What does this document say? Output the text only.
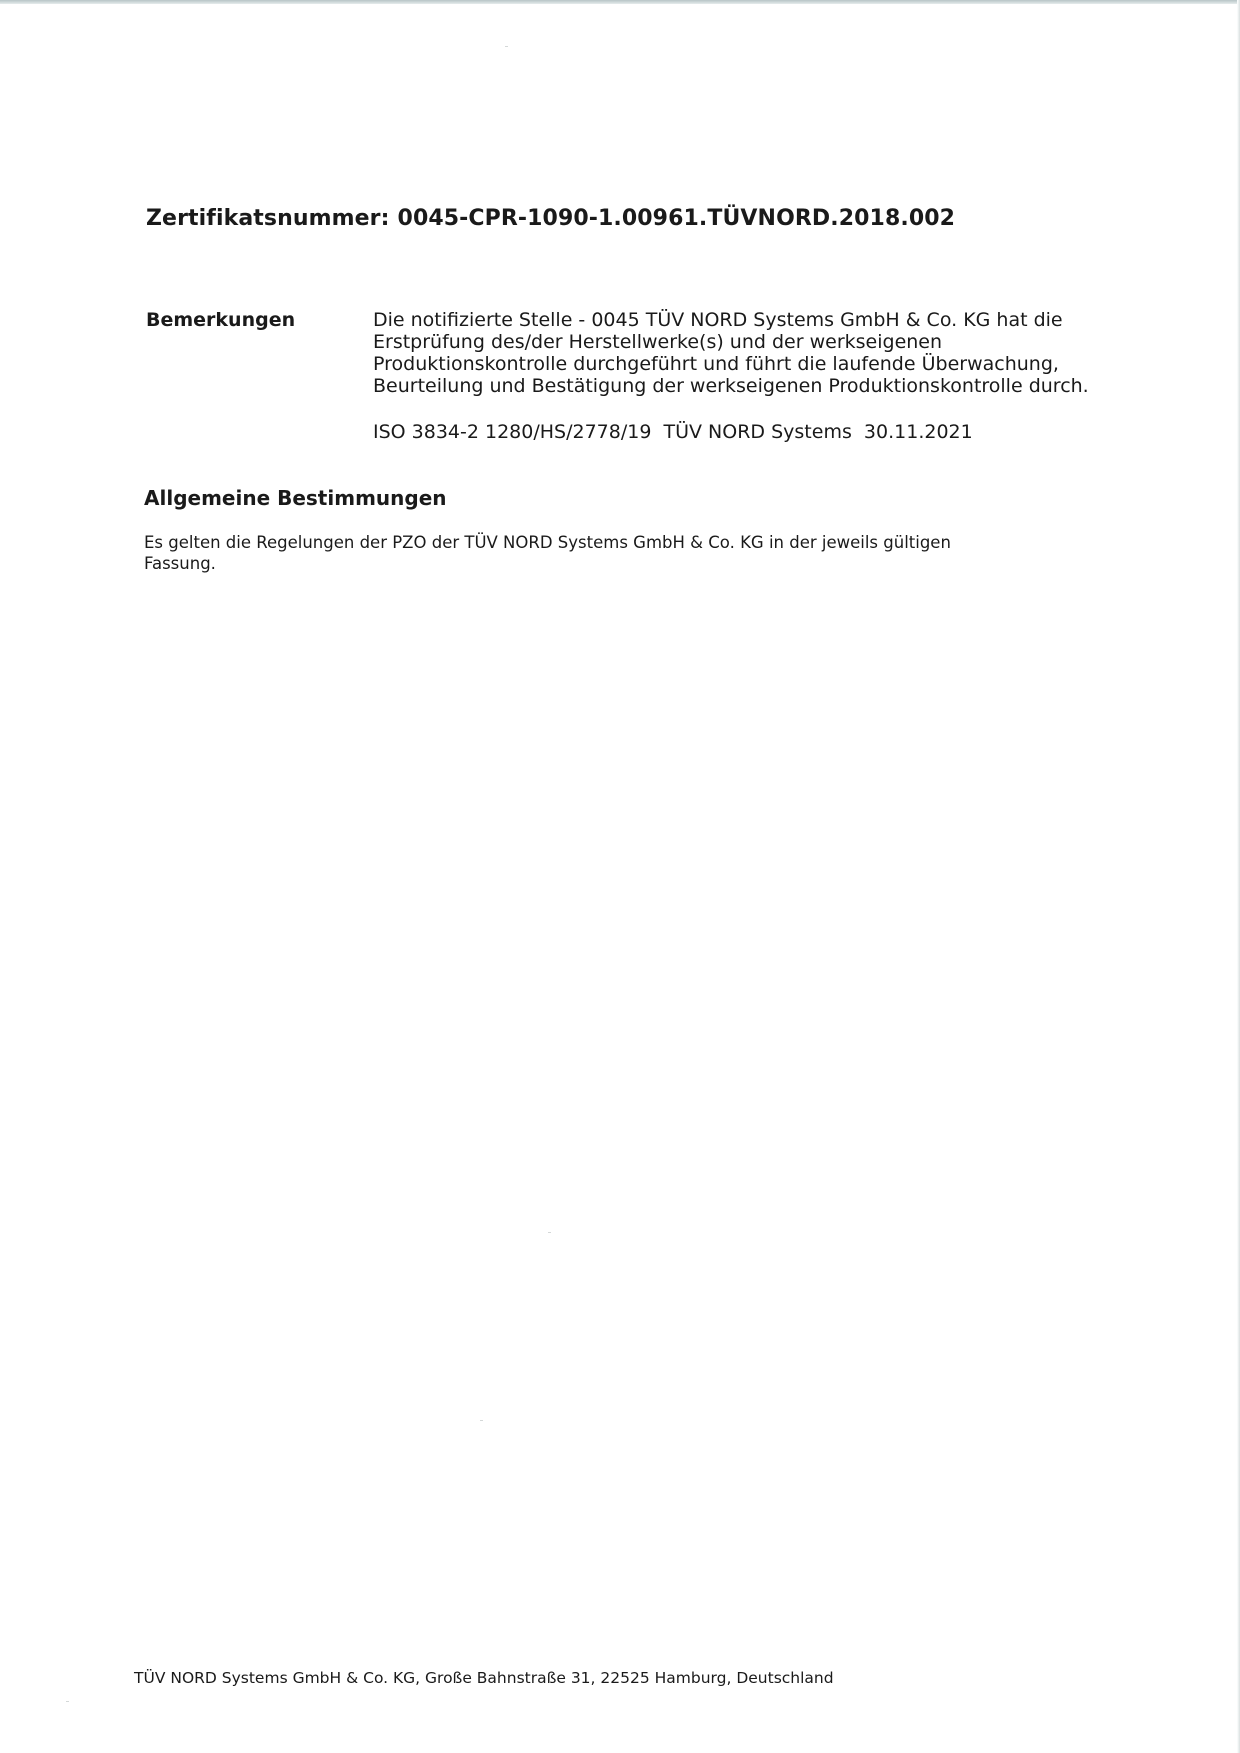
Zertifikatsnummer: 0045-CPR-1090-1.00961.TÜVNORD.2018.002
Bemerkungen	Die notifizierte Stelle - 0045 TÜV NORD Systems GmbH & Co. KG hat die
Erstprüfung des/der Herstellwerke(s) und der werkseigenen
Produktionskontrolle durchgeführt und führt die laufende Überwachung,
Beurteilung und Bestätigung der werkseigenen Produktionskontrolle durch.
ISO 3834-2 1280/HS/2778/19  TÜV NORD Systems  30.11.2021
Allgemeine Bestimmungen
Es gelten die Regelungen der PZO der TÜV NORD Systems GmbH & Co. KG in der jeweils gültigen
Fassung.
TÜV NORD Systems GmbH & Co. KG, Große Bahnstraße 31, 22525 Hamburg, Deutschland
